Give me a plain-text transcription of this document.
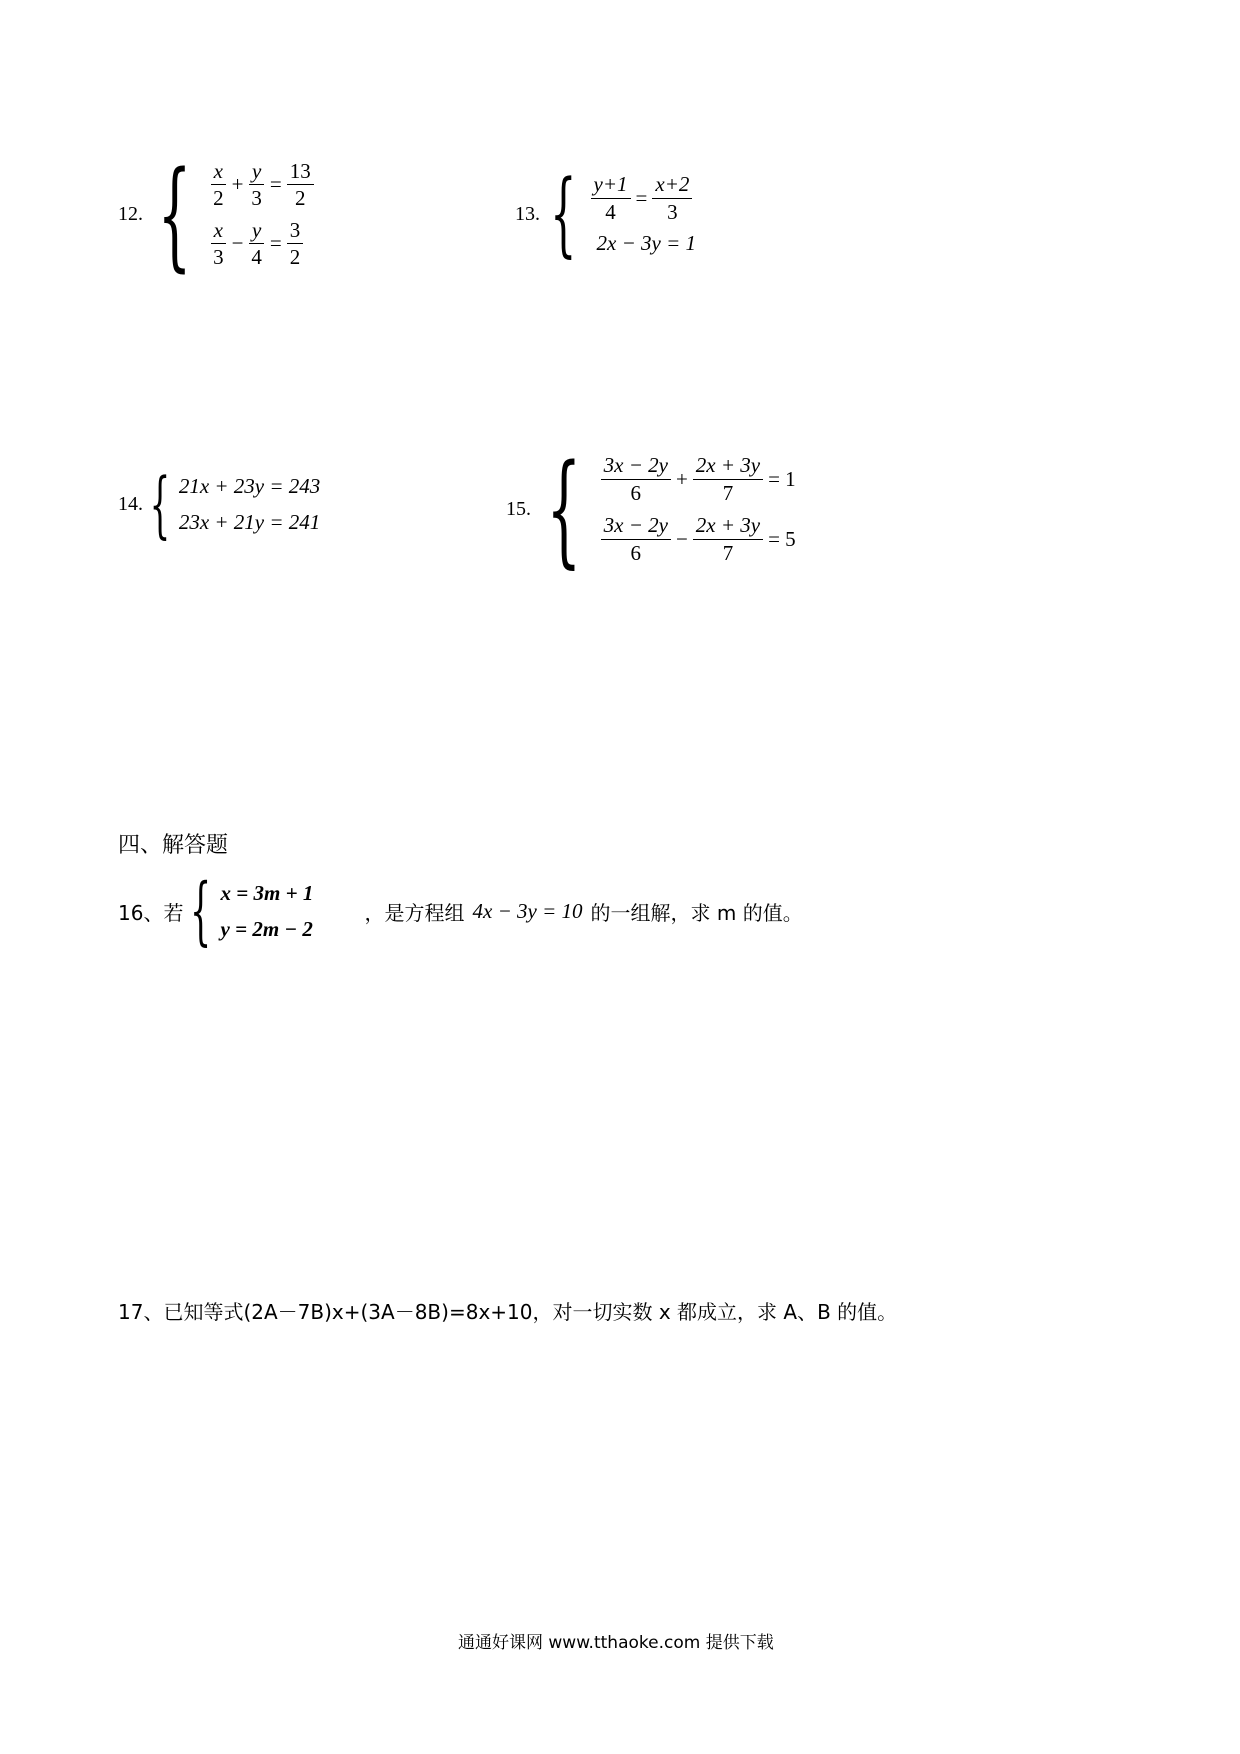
12. { $\frac{x}{2} + \frac{y}{3} = \frac{13}{2}$
$\frac{x}{3} - \frac{y}{4} = \frac{3}{2}$
13. { $\frac{y+1}{4} = \frac{x+2}{3}$
2x − 3y = 1
14. { 21x + 23y = 243
23x + 21y = 241
15. { $\frac{3x - 2y}{6} + \frac{2x + 3y}{7} = 1$
$\frac{3x - 2y}{6} - \frac{2x + 3y}{7} = 5$
四、解答题
16、若 { x = 3m + 1
y = 2m − 2
，是方程组 4x − 3y = 10 的一组解，求 m 的值。
17、已知等式(2A－7B)x+(3A－8B)=8x+10，对一切实数 x 都成立，求 A、B 的值。
通通好课网 www.tthaoke.com 提供下载
